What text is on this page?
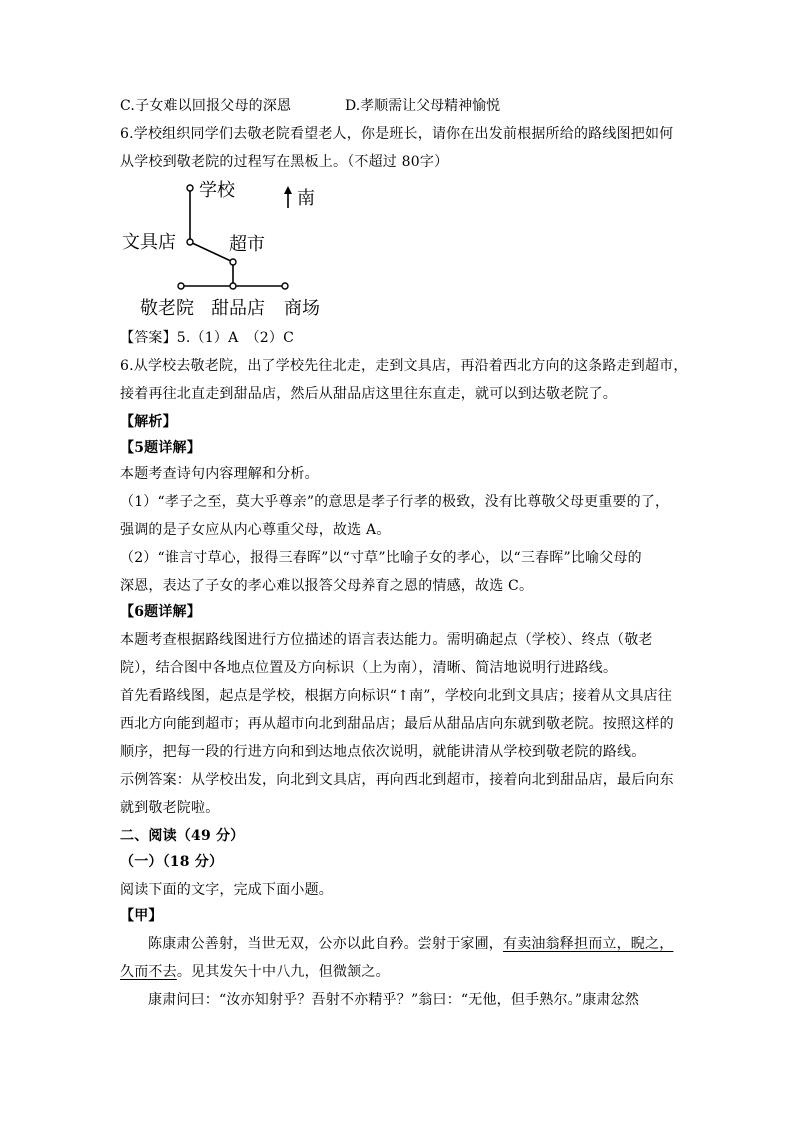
C.子女难以回报父母的深恩	D.孝顺需让父母精神愉悦
6.学校组织同学们去敬老院看望老人，你是班长，请你在出发前根据所给的路线图把如何
从学校到敬老院的过程写在黑板上。（不超过 80字）
学校	南
文具店	超市
敬老院 甜品店 商场
【答案】5.（1）A　（2）C
6.从学校去敬老院，出了学校先往北走，走到文具店，再沿着西北方向的这条路走到超市，
接着再往北直走到甜品店，然后从甜品店这里往东直走，就可以到达敬老院了。
【解析】
【5题详解】
本题考查诗句内容理解和分析。
（1）“孝子之至，莫大乎尊亲”的意思是孝子行孝的极致，没有比尊敬父母更重要的了，
强调的是子女应从内心尊重父母，故选 A。
（2）“谁言寸草心，报得三春晖”以“寸草”比喻子女的孝心，以“三春晖”比喻父母的
深恩，表达了子女的孝心难以报答父母养育之恩的情感，故选 C。
【6题详解】
本题考查根据路线图进行方位描述的语言表达能力。需明确起点（学校）、终点（敬老
院），结合图中各地点位置及方向标识（上为南），清晰、简洁地说明行进路线。
首先看路线图，起点是学校，根据方向标识“↑南”，学校向北到文具店；接着从文具店往
西北方向能到超市；再从超市向北到甜品店；最后从甜品店向东就到敬老院。按照这样的
顺序，把每一段的行进方向和到达地点依次说明，就能讲清从学校到敬老院的路线。
示例答案：从学校出发，向北到文具店，再向西北到超市，接着向北到甜品店，最后向东
就到敬老院啦。
二、阅读（49 分）
（一）（18 分）
阅读下面的文字，完成下面小题。
【甲】
陈康肃公善射，当世无双，公亦以此自矜。尝射于家圃，有卖油翁释担而立，睨之，
久而不去。见其发矢十中八九，但微颔之。
康肃问曰：“汝亦知射乎？吾射不亦精乎？”翁曰：“无他，但手熟尔。”康肃忿然
